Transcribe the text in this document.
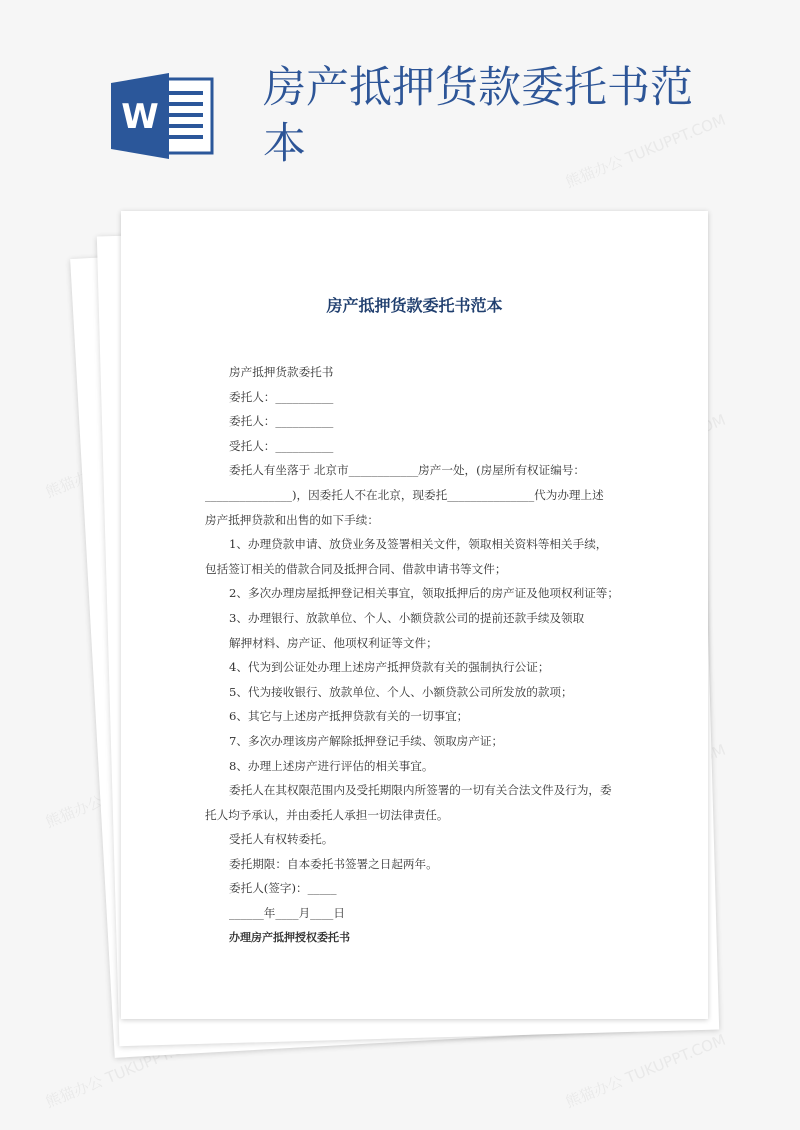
W
房产抵押货款委托书范本	熊猫办公 TUKUPPT.COM
熊猫办公
熊猫办公
熊猫办公 TUKUPPT.COM	熊猫办公 TUKUPPT.COM
房产抵押货款委托书范本
房产抵押货款委托书
委托人：__________
委托人：__________
受托人：__________
委托人有坐落于 北京市____________房产一处，(房屋所有权证编号：
_______________)，因委托人不在北京，现委托_______________代为办理上述
房产抵押贷款和出售的如下手续：
1、办理贷款申请、放贷业务及签署相关文件，领取相关资料等相关手续，
包括签订相关的借款合同及抵押合同、借款申请书等文件；
2、多次办理房屋抵押登记相关事宜，领取抵押后的房产证及他项权利证等；
3、办理银行、放款单位、个人、小额贷款公司的提前还款手续及领取
解押材料、房产证、他项权利证等文件；
4、代为到公证处办理上述房产抵押贷款有关的强制执行公证；
5、代为接收银行、放款单位、个人、小额贷款公司所发放的款项；
6、其它与上述房产抵押贷款有关的一切事宜；
7、多次办理该房产解除抵押登记手续、领取房产证；
8、办理上述房产进行评估的相关事宜。
委托人在其权限范围内及受托期限内所签署的一切有关合法文件及行为，委
托人均予承认，并由委托人承担一切法律责任。
受托人有权转委托。
委托期限：自本委托书签署之日起两年。
委托人(签字)：_____
______年____月____日
办理房产抵押授权委托书
